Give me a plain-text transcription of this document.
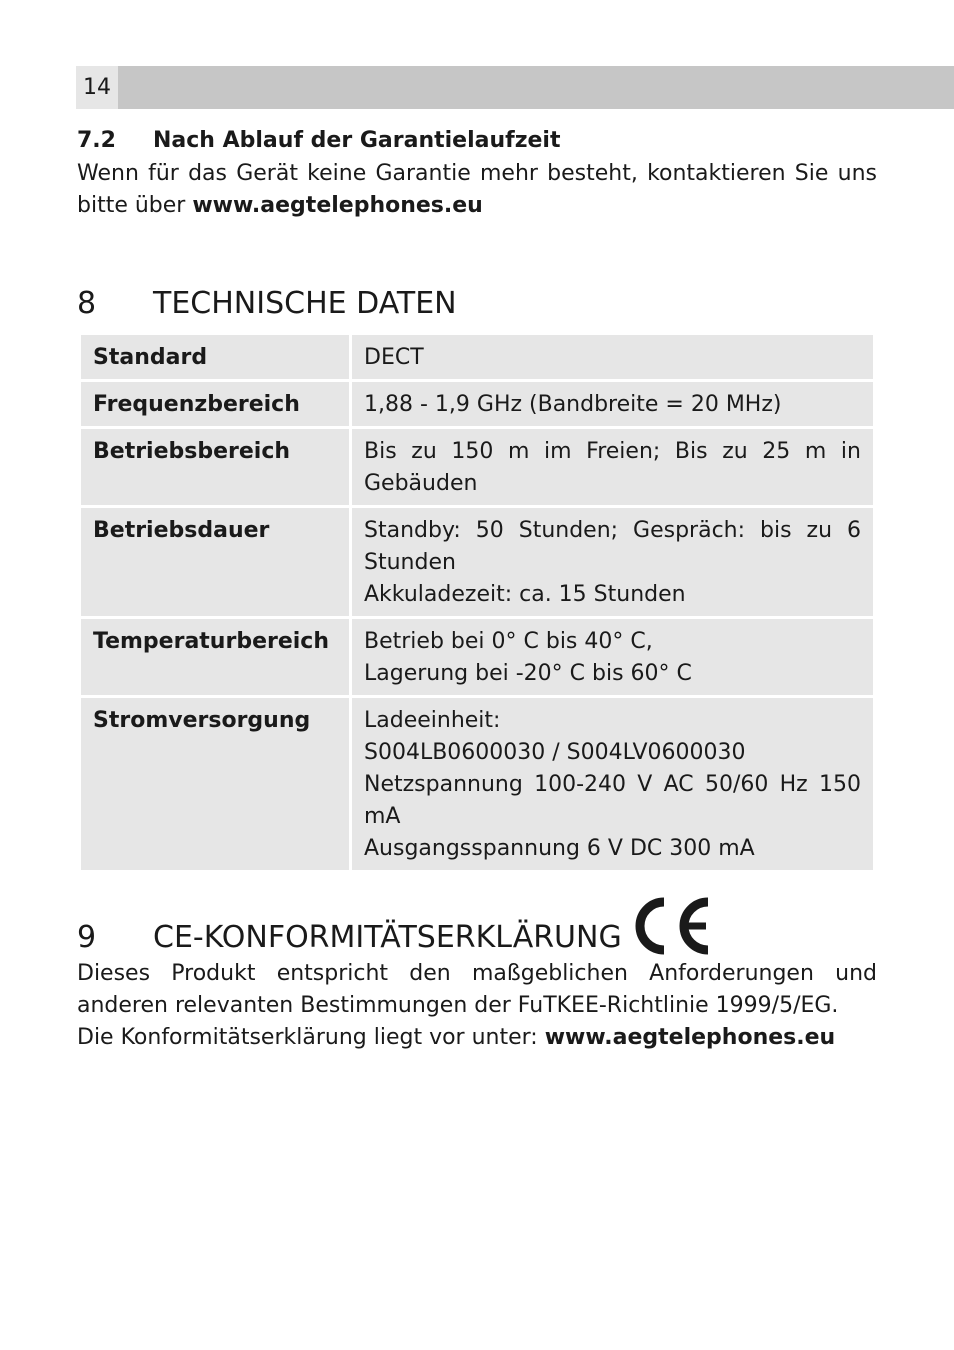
14
7.2	Nach Ablauf der Garantielaufzeit

Wenn für das Gerät keine Garantie mehr besteht, kontaktieren Sie uns bitte über www.aegtelephones.eu

8	TECHNISCHE DATEN
Standard	DECT

Frequenzbereich	1,88 - 1,9 GHz (Bandbreite = 20 MHz)

Betriebsbereich	Bis zu 150 m im Freien; Bis zu 25 m in Gebäuden

Betriebsdauer	Standby: 50 Stunden; Gespräch: bis zu 6 Stunden
Akkuladezeit: ca. 15 Stunden

Temperaturbereich	Betrieb bei 0° C bis 40° C,
Lagerung bei -20° C bis 60° C

Stromversorgung	Ladeeinheit:
S004LB0600030 / S004LV0600030
Netzspannung 100-240 V AC 50/60 Hz 150 mA
Ausgangsspannung 6 V DC 300 mA
9	CE-KONFORMITÄTSERKLÄRUNG

Dieses Produkt entspricht den maßgeblichen Anforderungen und anderen relevanten Bestimmungen der FuTKEE-Richtlinie 1999/5/EG.
Die Konformitätserklärung liegt vor unter: www.aegtelephones.eu
